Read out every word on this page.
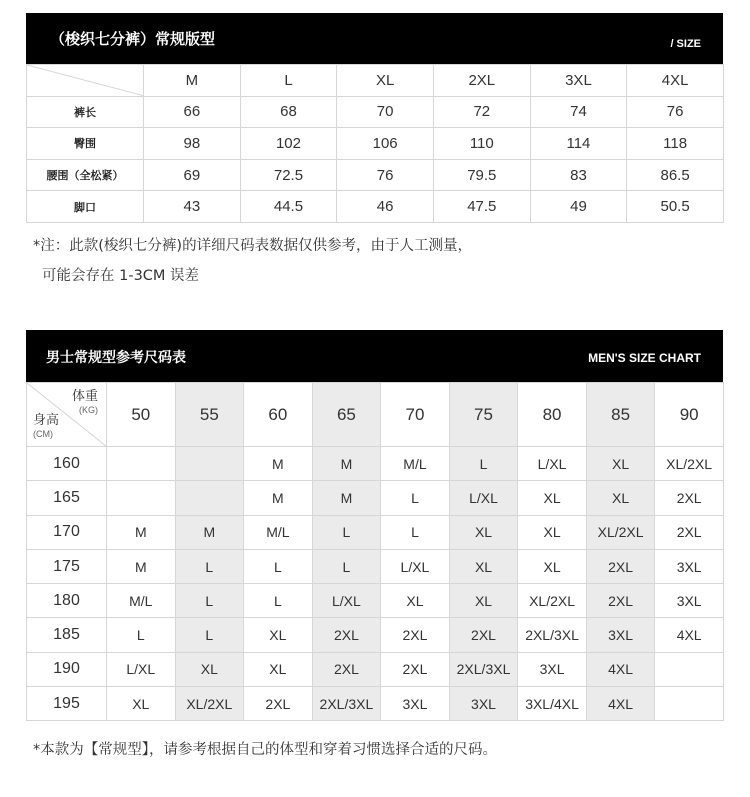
（梭织七分裤）常规版型	/ SIZE
	M	L	XL	2XL	3XL	4XL
裤长	66	68	70	72	74	76
臀围	98	102	106	110	114	118
腰围（全松紧）	69	72.5	76	79.5	83	86.5
脚口	43	44.5	46	47.5	49	50.5
*注：此款(梭织七分裤)的详细尺码表数据仅供参考，由于人工测量，
可能会存在 1-3CM 误差
男士常规型参考尺码表	MEN'S SIZE CHART
体重
(KG)
身高
(CM)	50	55	60	65	70	75	80	85	90
160			M	M	M/L	L	L/XL	XL	XL/2XL
165			M	M	L	L/XL	XL	XL	2XL
170	M	M	M/L	L	L	XL	XL	XL/2XL	2XL
175	M	L	L	L	L/XL	XL	XL	2XL	3XL
180	M/L	L	L	L/XL	XL	XL	XL/2XL	2XL	3XL
185	L	L	XL	2XL	2XL	2XL	2XL/3XL	3XL	4XL
190	L/XL	XL	XL	2XL	2XL	2XL/3XL	3XL	4XL	
195	XL	XL/2XL	2XL	2XL/3XL	3XL	3XL	3XL/4XL	4XL	
*本款为【常规型】，请参考根据自己的体型和穿着习惯选择合适的尺码。
